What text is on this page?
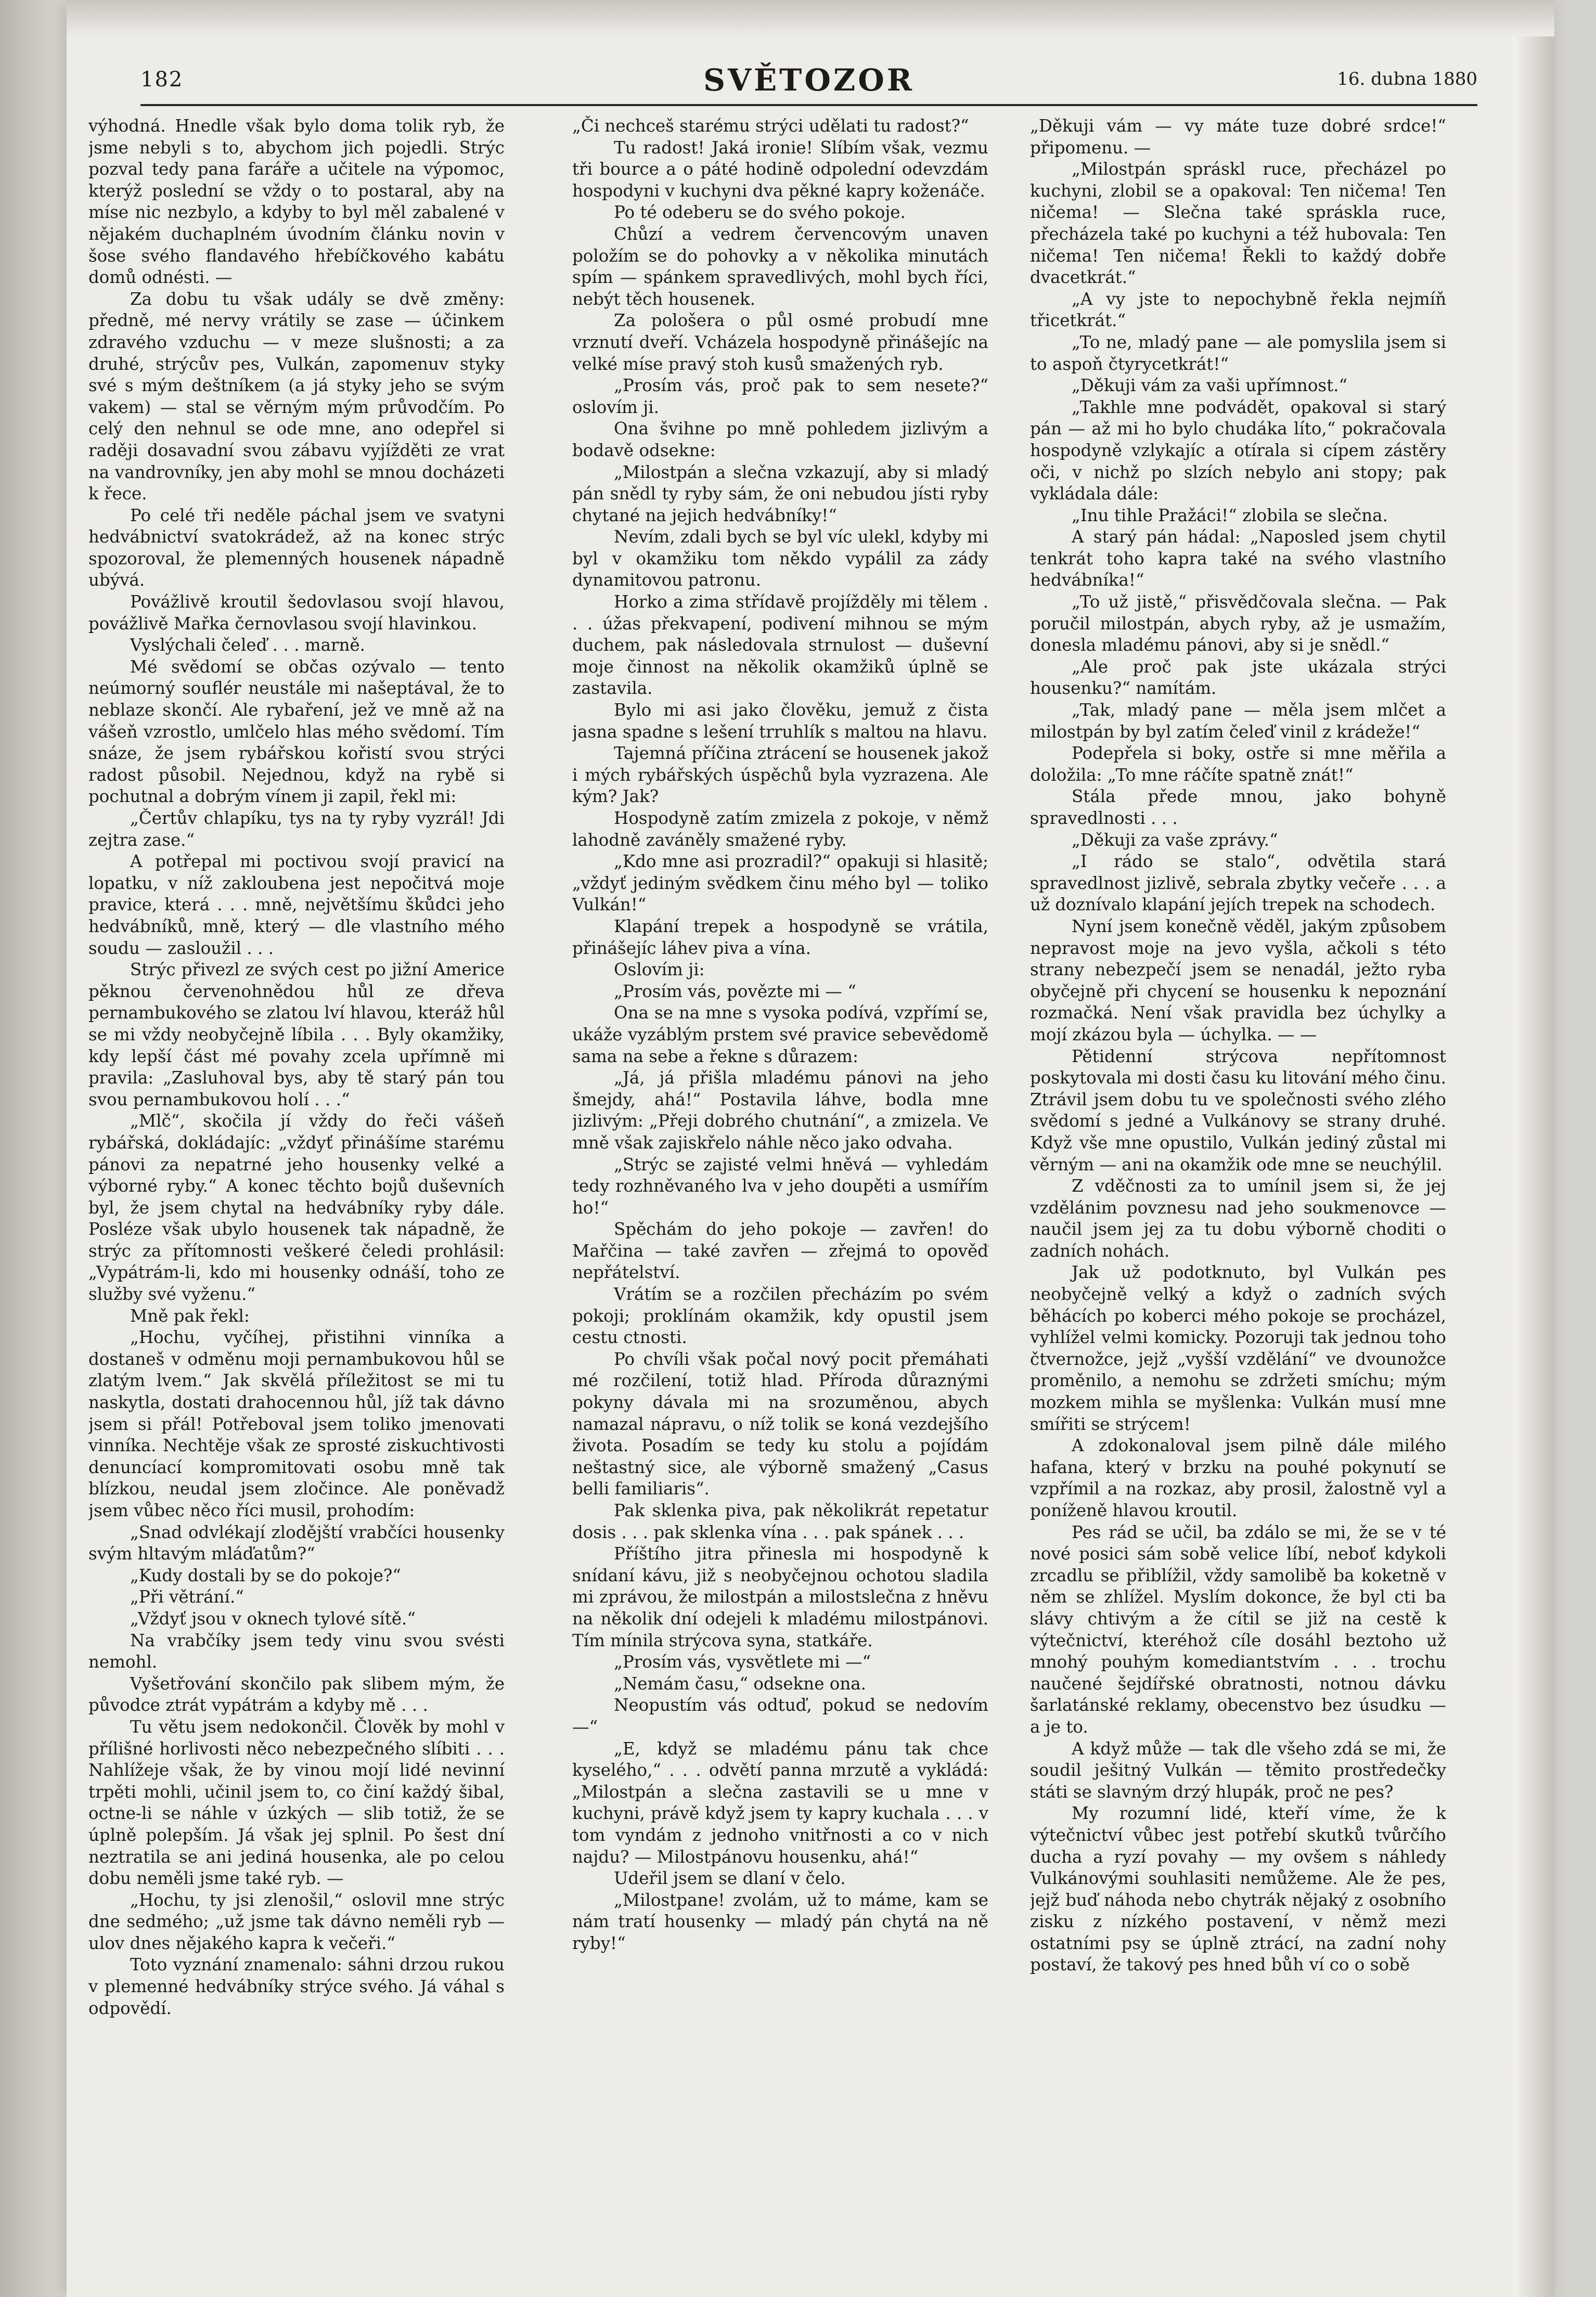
182	SVĚTOZOR	16. dubna 1880

výhodná. Hnedle však bylo doma tolik ryb, že jsme nebyli s to, abychom jich pojedli. Strýc pozval tedy pana faráře a učitele na výpomoc, kterýž poslední se vždy o to postaral, aby na míse nic nezbylo, a kdyby to byl měl zabalené v nějakém duchaplném úvodním článku novin v šose svého flandavého hřebíčkového kabátu domů odnésti. —

Za dobu tu však udály se dvě změny: předně, mé nervy vrátily se zase — účinkem zdravého vzduchu — v meze slušnosti; a za druhé, strýcův pes, Vulkán, zapomenuv styky své s mým deštníkem (a já styky jeho se svým vakem) — stal se věrným mým průvodčím. Po celý den nehnul se ode mne, ano odepřel si raději dosavadní svou zábavu vyjížděti ze vrat na vandrovníky, jen aby mohl se mnou docházeti k řece.

Po celé tři neděle páchal jsem ve svatyni hedvábnictví svatokrádež, až na konec strýc spozoroval, že plemenných housenek nápadně ubývá.

Povážlivě kroutil šedovlasou svojí hlavou, povážlivě Mařka černovlasou svojí hlavinkou.

Vyslýchali čeleď . . . marně.

Mé svědomí se občas ozývalo — tento neúmorný souflér neustále mi našeptával, že to neblaze skončí. Ale rybaření, jež ve mně až na vášeň vzrostlo, umlčelo hlas mého svědomí. Tím snáze, že jsem rybářskou kořistí svou strýci radost působil. Nejednou, když na rybě si pochutnal a dobrým vínem ji zapil, řekl mi:

„Čertův chlapíku, tys na ty ryby vyzrál! Jdi zejtra zase.“

A potřepal mi poctivou svojí pravicí na lopatku, v níž zakloubena jest nepočitvá moje pravice, která . . . mně, největšímu škůdci jeho hedvábníků, mně, který — dle vlastního mého soudu — zasloužil . . .

Strýc přivezl ze svých cest po jižní Americe pěknou červenohnědou hůl ze dřeva pernambukového se zlatou lví hlavou, kteráž hůl se mi vždy neobyčejně líbila . . . Byly okamžiky, kdy lepší část mé povahy zcela upřímně mi pravila: „Zasluhoval bys, aby tě starý pán tou svou pernambukovou holí . . .“

„Mlč“, skočila jí vždy do řeči vášeň rybářská, dokládajíc: „vždyť přinášíme starému pánovi za nepatrné jeho housenky velké a výborné ryby.“ A konec těchto bojů duševních byl, že jsem chytal na hedvábníky ryby dále. Posléze však ubylo housenek tak nápadně, že strýc za přítomnosti veškeré čeledi prohlásil: „Vypátrám-li, kdo mi housenky odnáší, toho ze služby své vyženu.“

Mně pak řekl:

„Hochu, vyčíhej, přistihni vinníka a dostaneš v odměnu moji pernambukovou hůl se zlatým lvem.“ Jak skvělá příležitost se mi tu naskytla, dostati drahocennou hůl, jíž tak dávno jsem si přál! Potřeboval jsem toliko jmenovati vinníka. Nechtěje však ze sprosté ziskuchtivosti denuncíací kompromitovati osobu mně tak blízkou, neudal jsem zločince. Ale poněvadž jsem vůbec něco říci musil, prohodím:

„Snad odvlékají zlodějští vrabčíci housenky svým hltavým mláďatům?“

„Kudy dostali by se do pokoje?“

„Při větrání.“

„Vždyť jsou v oknech tylové sítě.“

Na vrabčíky jsem tedy vinu svou svésti nemohl.

Vyšetřování skončilo pak slibem mým, že původce ztrát vypátrám a kdyby mě . . .

Tu větu jsem nedokončil. Člověk by mohl v přílišné horlivosti něco nebezpečného slíbiti . . . Nahlížeje však, že by vinou mojí lidé nevinní trpěti mohli, učinil jsem to, co činí každý šibal, octne-li se náhle v úzkých — slib totiž, že se úplně polepším. Já však jej splnil. Po šest dní neztratila se ani jediná housenka, ale po celou dobu neměli jsme také ryb. —

„Hochu, ty jsi zlenošil,“ oslovil mne strýc dne sedmého; „už jsme tak dávno neměli ryb — ulov dnes nějakého kapra k večeři.“

Toto vyznání znamenalo: sáhni drzou rukou v plemenné hedvábníky strýce svého. Já váhal s odpovědí.

„Či nechceš starému strýci udělati tu radost?“

Tu radost! Jaká ironie! Slíbím však, vezmu tři bource a o páté hodině odpolední odevzdám hospodyni v kuchyni dva pěkné kapry koženáče.

Po té odeberu se do svého pokoje.

Chůzí a vedrem červencovým unaven položím se do pohovky a v několika minutách spím — spánkem spravedlivých, mohl bych říci, nebýt těch housenek.

Za pološera o půl osmé probudí mne vrznutí dveří. Vcházela hospodyně přinášejíc na velké míse pravý stoh kusů smažených ryb.

„Prosím vás, proč pak to sem nesete?“ oslovím ji.

Ona švihne po mně pohledem jizlivým a bodavě odsekne:

„Milostpán a slečna vzkazují, aby si mladý pán snědl ty ryby sám, že oni nebudou jísti ryby chytané na jejich hedvábníky!“

Nevím, zdali bych se byl víc ulekl, kdyby mi byl v okamžiku tom někdo vypálil za zády dynamitovou patronu.

Horko a zima střídavě projížděly mi tělem . . . úžas překvapení, podivení mihnou se mým duchem, pak následovala strnulost — duševní moje činnost na několik okamžiků úplně se zastavila.

Bylo mi asi jako člověku, jemuž z čista jasna spadne s lešení trruhlík s maltou na hlavu.

Tajemná příčina ztrácení se housenek jakož i mých rybářských úspěchů byla vyzrazena. Ale kým? Jak?

Hospodyně zatím zmizela z pokoje, v němž lahodně zaváněly smažené ryby.

„Kdo mne asi prozradil?“ opakuji si hlasitě; „vždyť jediným svědkem činu mého byl — toliko Vulkán!“

Klapání trepek a hospodyně se vrátila, přinášejíc láhev piva a vína.

Oslovím ji:

„Prosím vás, povězte mi — “

Ona se na mne s vysoka podívá, vzpřímí se, ukáže vyzáblým prstem své pravice sebevědomě sama na sebe a řekne s důrazem:

„Já, já přišla mladému pánovi na jeho šmejdy, ahá!“ Postavila láhve, bodla mne jizlivým: „Přeji dobrého chutnání“, a zmizela. Ve mně však zajiskřelo náhle něco jako odvaha.

„Strýc se zajisté velmi hněvá — vyhledám tedy rozhněvaného lva v jeho doupěti a usmířím ho!“

Spěchám do jeho pokoje — zavřen! do Mařčina — také zavřen — zřejmá to opověď nepřátelství.

Vrátím se a rozčilen přecházím po svém pokoji; proklínám okamžik, kdy opustil jsem cestu ctnosti.

Po chvíli však počal nový pocit přemáhati mé rozčilení, totiž hlad. Příroda důraznými pokyny dávala mi na srozuměnou, abych namazal nápravu, o níž tolik se koná vezdejšího života. Posadím se tedy ku stolu a pojídám neštastný sice, ale výborně smažený „Casus belli familiaris“.

Pak sklenka piva, pak několikrát repetatur dosis . . . pak sklenka vína . . . pak spánek . . .

Příštího jitra přinesla mi hospodyně k snídaní kávu, již s neobyčejnou ochotou sladila mi zprávou, že milostpán a milostslečna z hněvu na několik dní odejeli k mladému milostpánovi. Tím mínila strýcova syna, statkáře.

„Prosím vás, vysvětlete mi —“

„Nemám času,“ odsekne ona.

Neopustím vás odtuď, pokud se nedovím —“

„E, když se mladému pánu tak chce kyselého,“ . . . odvětí panna mrzutě a vykládá: „Milostpán a slečna zastavili se u mne v kuchyni, právě když jsem ty kapry kuchala . . . v tom vyndám z jednoho vnitřnosti a co v nich najdu? — Milostpánovu housenku, ahá!“

Udeřil jsem se dlaní v čelo.

„Milostpane! zvolám, už to máme, kam se nám tratí housenky — mladý pán chytá na ně ryby!“

„Děkuji vám — vy máte tuze dobré srdce!“ připomenu. —

„Milostpán spráskl ruce, přecházel po kuchyni, zlobil se a opakoval: Ten ničema! Ten ničema! — Slečna také spráskla ruce, přecházela také po kuchyni a též hubovala: Ten ničema! Ten ničema! Řekli to každý dobře dvacetkrát.“

„A vy jste to nepochybně řekla nejmíň třicetkrát.“

„To ne, mladý pane — ale pomyslila jsem si to aspoň čtyrycetkrát!“

„Děkuji vám za vaši upřímnost.“

„Takhle mne podvádět, opakoval si starý pán — až mi ho bylo chudáka líto,“ pokračovala hospodyně vzlykajíc a otírala si cípem zástěry oči, v nichž po slzích nebylo ani stopy; pak vykládala dále:

„Inu tihle Pražáci!“ zlobila se slečna.

A starý pán hádal: „Naposled jsem chytil tenkrát toho kapra také na svého vlastního hedvábníka!“

„To už jistě,“ přisvědčovala slečna. — Pak poručil milostpán, abych ryby, až je usmažím, donesla mladému pánovi, aby si je snědl.“

„Ale proč pak jste ukázala strýci housenku?“ namítám.

„Tak, mladý pane — měla jsem mlčet a milostpán by byl zatím čeleď vinil z krádeže!“

Podepřela si boky, ostře si mne měřila a doložila: „To mne ráčíte spatně znát!“

Stála přede mnou, jako bohyně spravedlnosti . . .

„Děkuji za vaše zprávy.“

„I rádo se stalo“, odvětila stará spravedlnost jizlivě, sebrala zbytky večeře . . . a už doznívalo klapání jejích trepek na schodech.

Nyní jsem konečně věděl, jakým způsobem nepravost moje na jevo vyšla, ačkoli s této strany nebezpečí jsem se nenadál, ježto ryba obyčejně při chycení se housenku k nepoznání rozmačká. Není však pravidla bez úchylky a mojí zkázou byla — úchylka. — —

Pětidenní strýcova nepřítomnost poskytovala mi dosti času ku litování mého činu. Ztrávil jsem dobu tu ve společnosti svého zlého svědomí s jedné a Vulkánovy se strany druhé. Když vše mne opustilo, Vulkán jediný zůstal mi věrným — ani na okamžik ode mne se neuchýlil.

Z vděčnosti za to umínil jsem si, že jej vzdělánim povznesu nad jeho soukmenovce — naučil jsem jej za tu dobu výborně choditi o zadních nohách.

Jak už podotknuto, byl Vulkán pes neobyčejně velký a když o zadních svých běhácích po koberci mého pokoje se procházel, vyhlížel velmi komicky. Pozoruji tak jednou toho čtvernožce, jejž „vyšší vzdělání“ ve dvounožce proměnilo, a nemohu se zdržeti smíchu; mým mozkem mihla se myšlenka: Vulkán musí mne smířiti se strýcem!

A zdokonaloval jsem pilně dále milého hafana, který v brzku na pouhé pokynutí se vzpřímil a na rozkaz, aby prosil, žalostně vyl a poníženě hlavou kroutil.

Pes rád se učil, ba zdálo se mi, že se v té nové posici sám sobě velice líbí, neboť kdykoli zrcadlu se přiblížil, vždy samolibě ba koketně v něm se zhlížel. Myslím dokonce, že byl cti ba slávy chtivým a že cítil se již na cestě k výtečnictví, kteréhož cíle dosáhl beztoho už mnohý pouhým komediantstvím . . . trochu naučené šejdířské obratnosti, notnou dávku šarlatánské reklamy, obecenstvo bez úsudku — a je to.

A když může — tak dle všeho zdá se mi, že soudil ješitný Vulkán — těmito prostředečky státi se slavným drzý hlupák, proč ne pes?

My rozumní lidé, kteří víme, že k výtečnictví vůbec jest potřebí skutků tvůrčího ducha a ryzí povahy — my ovšem s náhledy Vulkánovými souhlasiti nemůžeme. Ale že pes, jejž buď náhoda nebo chytrák nějaký z osobního zisku z nízkého postavení, v němž mezi ostatními psy se úplně ztrácí, na zadní nohy postaví, že takový pes hned bůh ví co o sobě
